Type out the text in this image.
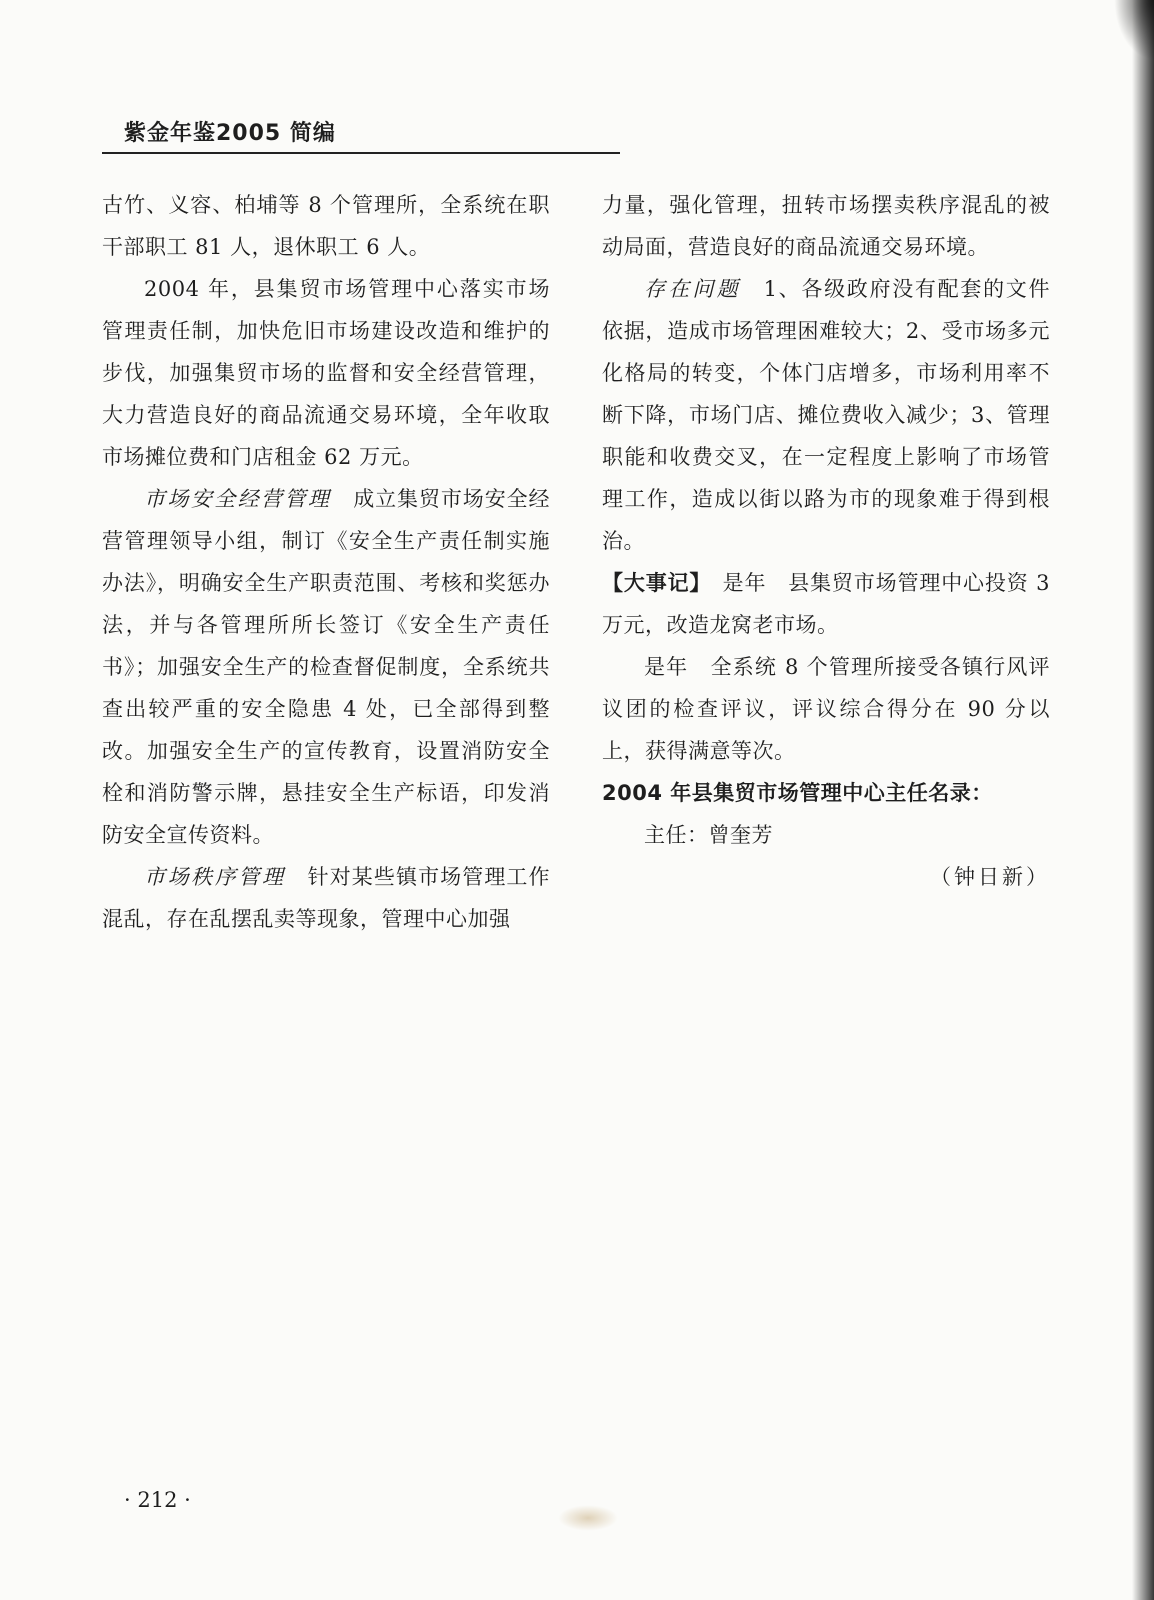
紫金年鉴2005 简编

古竹、义容、柏埔等 8 个管理所，全系统在职干部职工 81 人，退休职工 6 人。

2004 年，县集贸市场管理中心落实市场管理责任制，加快危旧市场建设改造和维护的步伐，加强集贸市场的监督和安全经营管理，大力营造良好的商品流通交易环境，全年收取市场摊位费和门店租金 62 万元。

市场安全经营管理　 成立集贸市场安全经营管理领导小组，制订《安全生产责任制实施办法》，明确安全生产职责范围、考核和奖惩办法，并与各管理所所长签订《安全生产责任书》；加强安全生产的检查督促制度，全系统共查出较严重的安全隐患 4 处，已全部得到整改。加强安全生产的宣传教育，设置消防安全栓和消防警示牌，悬挂安全生产标语，印发消防安全宣传资料。

市场秩序管理　 针对某些镇市场管理工作混乱，存在乱摆乱卖等现象，管理中心加强

力量，强化管理，扭转市场摆卖秩序混乱的被动局面，营造良好的商品流通交易环境。

存在问题　 1、各级政府没有配套的文件依据，造成市场管理困难较大；2、受市场多元化格局的转变，个体门店增多，市场利用率不断下降，市场门店、摊位费收入减少；3、管理职能和收费交叉，在一定程度上影响了市场管理工作，造成以街以路为市的现象难于得到根治。

【大事记】　 是年　 县集贸市场管理中心投资 3 万元，改造龙窝老市场。

是年　 全系统 8 个管理所接受各镇行风评议团的检查评议，评议综合得分在 90 分以上，获得满意等次。

2004 年县集贸市场管理中心主任名录：

主任：曾奎芳

（钟日新）

· 212 ·
